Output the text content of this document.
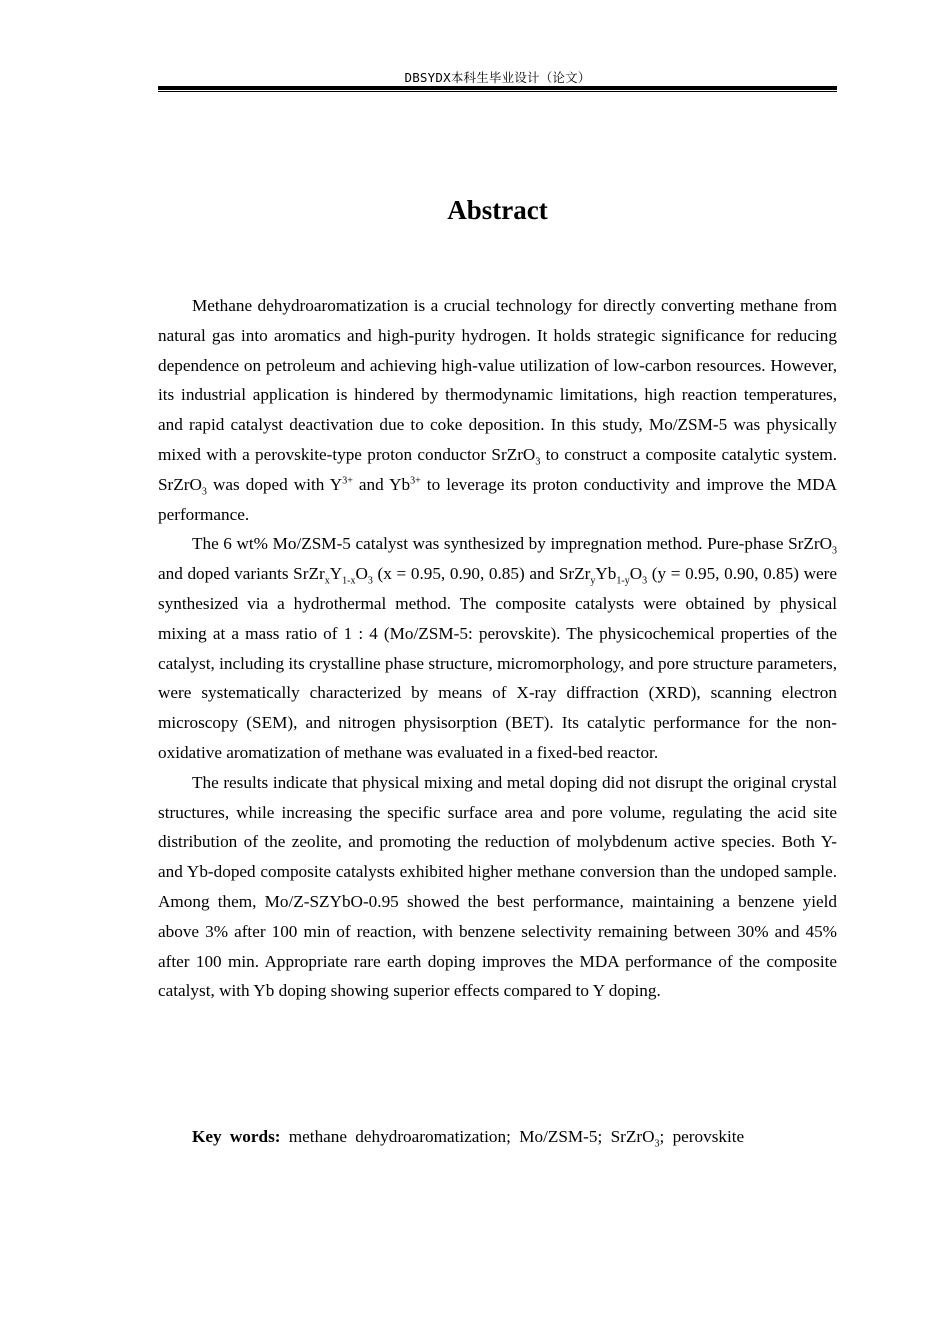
DBSYDX本科生毕业设计（论文）
Abstract

Methane dehydroaromatization is a crucial technology for directly converting methane from natural gas into aromatics and high-purity hydrogen. It holds strategic significance for reducing dependence on petroleum and achieving high-value utilization of low-carbon resources. However, its industrial application is hindered by thermodynamic limitations, high reaction temperatures, and rapid catalyst deactivation due to coke deposition. In this study, Mo/ZSM-5 was physically mixed with a perovskite-type proton conductor SrZrO$_3$ to construct a composite catalytic system. SrZrO$_3$ was doped with $Y^{3+}$ and $Yb^{3+}$ to leverage its proton conductivity and improve the MDA performance.

The 6 wt% Mo/ZSM-5 catalyst was synthesized by impregnation method. Pure-phase SrZrO$_3$ and doped variants $SrZr_xY_{1-x}O_3$ (x = 0.95, 0.90, 0.85) and $SrZr_yYb_{1-y}O_3$ (y = 0.95, 0.90, 0.85) were synthesized via a hydrothermal method. The composite catalysts were obtained by physical mixing at a mass ratio of 1 : 4 (Mo/ZSM-5: perovskite). The physicochemical properties of the catalyst, including its crystalline phase structure, micromorphology, and pore structure parameters, were systematically characterized by means of X-ray diffraction (XRD), scanning electron microscopy (SEM), and nitrogen physisorption (BET). Its catalytic performance for the non-oxidative aromatization of methane was evaluated in a fixed-bed reactor.

The results indicate that physical mixing and metal doping did not disrupt the original crystal structures, while increasing the specific surface area and pore volume, regulating the acid site distribution of the zeolite, and promoting the reduction of molybdenum active species. Both Y- and Yb-doped composite catalysts exhibited higher methane conversion than the undoped sample. Among them, Mo/Z-SZYbO-0.95 showed the best performance, maintaining a benzene yield above 3% after 100 min of reaction, with benzene selectivity remaining between 30% and 45% after 100 min. Appropriate rare earth doping improves the MDA performance of the composite catalyst, with Yb doping showing superior effects compared to Y doping.

Key words: methane dehydroaromatization; Mo/ZSM-5; SrZrO$_3$; perovskite
